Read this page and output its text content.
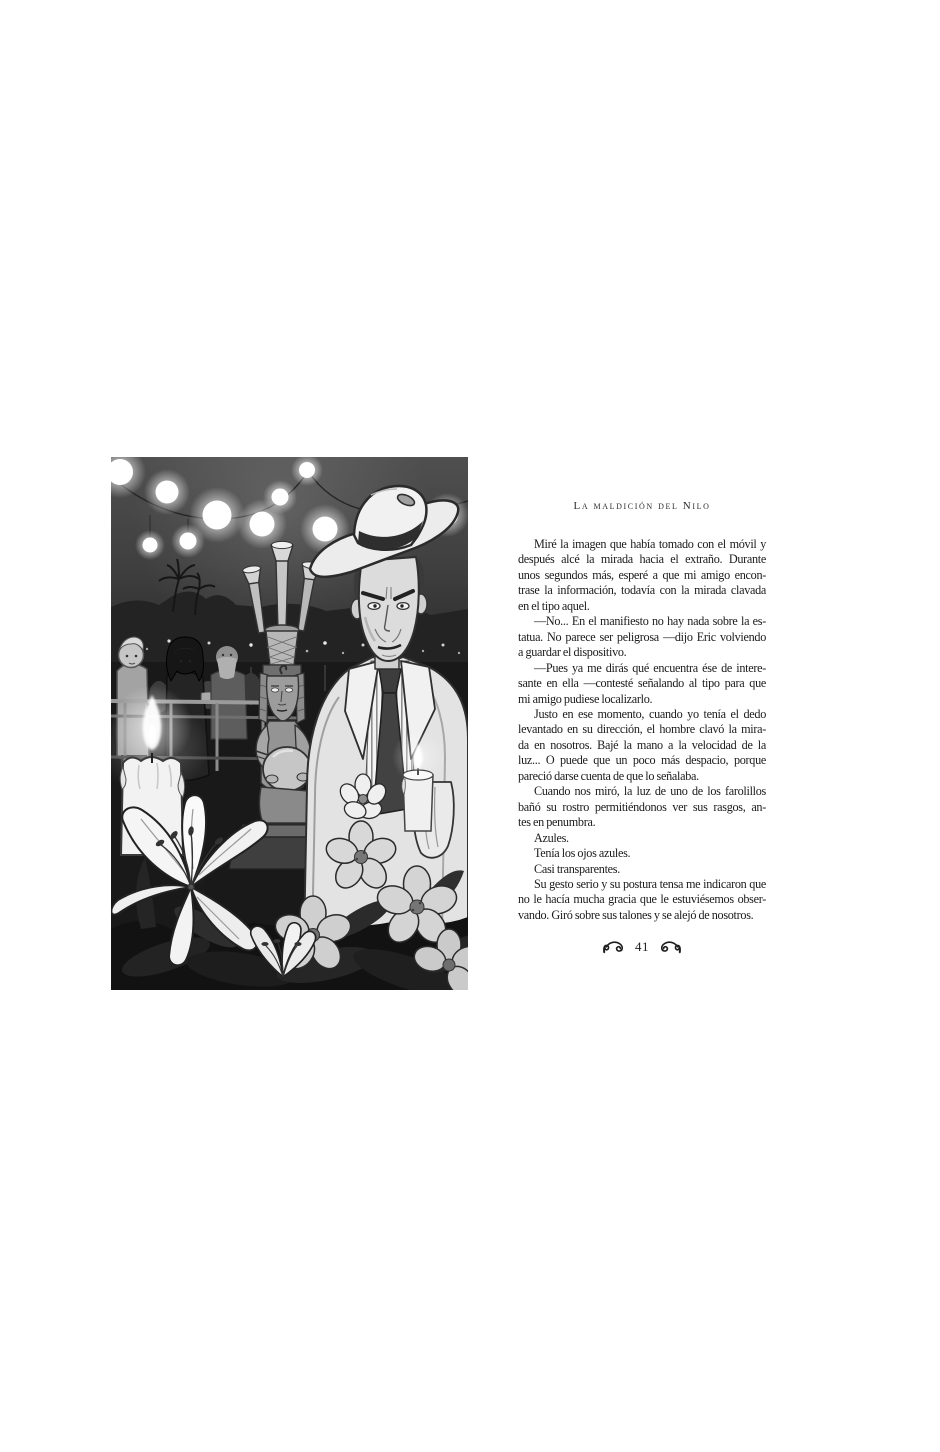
La maldición del Nilo
Miré la imagen que había tomado con el móvil y
después alcé la mirada hacia el extraño. Durante
unos segundos más, esperé a que mi amigo encon-
trase la información, todavía con la mirada clavada
en el tipo aquel.
—No... En el manifiesto no hay nada sobre la es-
tatua. No parece ser peligrosa —dijo Eric volviendo
a guardar el dispositivo.
—Pues ya me dirás qué encuentra ése de intere-
sante en ella —contesté señalando al tipo para que
mi amigo pudiese localizarlo.
Justo en ese momento, cuando yo tenía el dedo
levantado en su dirección, el hombre clavó la mira-
da en nosotros. Bajé la mano a la velocidad de la
luz... O puede que un poco más despacio, porque
pareció darse cuenta de que lo señalaba.
Cuando nos miró, la luz de uno de los farolillos
bañó su rostro permitiéndonos ver sus rasgos, an-
tes en penumbra.
Azules.
Tenía los ojos azules.
Casi transparentes.
Su gesto serio y su postura tensa me indicaron que
no le hacía mucha gracia que le estuviésemos obser-
vando. Giró sobre sus talones y se alejó de nosotros.
41
